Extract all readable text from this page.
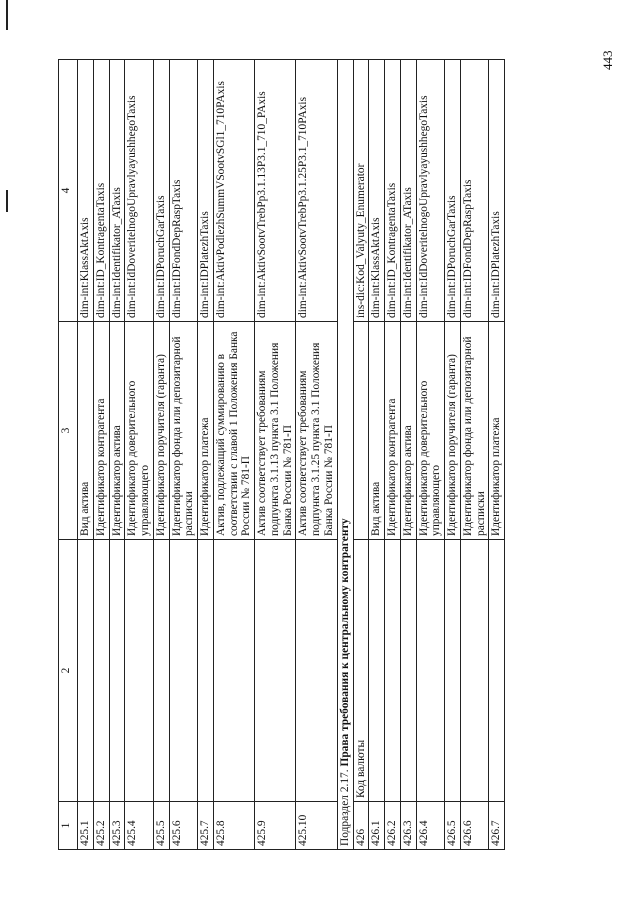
443
1	2	3	4
425.1		Вид актива	dim-int:KlassAktAxis
425.2		Идентификатор контрагента	dim-int:ID_KontragentaTaxis
425.3		Идентификатор актива	dim-int:Identifikator_ATaxis
425.4		Идентификатор доверительного управляющего	dim-int:IdDoveritelnogoUpravlyayushhegoTaxis
425.5		Идентификатор поручителя (гаранта)	dim-int:IDPoruchGarTaxis
425.6		Идентификатор фонда или депозитарной расписки	dim-int:IDFondDepRaspTaxis
425.7		Идентификатор платежа	dim-int:IDPlatezhTaxis
425.8		Актив, подлежащий суммированию в соответствии с главой 1 Положения Банка России № 781-П	dim-int:AktivPodlezhSummVSootvSGl1_710PAxis
425.9		Актив соответствует требованиям подпункта 3.1.13 пункта 3.1 Положения Банка России № 781-П	dim-int:AktivSootvTrebPp3.1.13P3.1_710_PAxis
425.10		Актив соответствует требованиям подпункта 3.1.25 пункта 3.1 Положения Банка России № 781-П	dim-int:AktivSootvTrebPp3.1.25P3.1_710PAxis
Подраздел 2.17. Права требования к центральному контрагенту			
426	Код валюты		ins-dic:Kod_Valyuty_Enumerator
426.1		Вид актива	dim-int:KlassAktAxis
426.2		Идентификатор контрагента	dim-int:ID_KontragentaTaxis
426.3		Идентификатор актива	dim-int:Identifikator_ATaxis
426.4		Идентификатор доверительного управляющего	dim-int:IdDoveritelnogoUpravlyayushhegoTaxis
426.5		Идентификатор поручителя (гаранта)	dim-int:IDPoruchGarTaxis
426.6		Идентификатор фонда или депозитарной расписки	dim-int:IDFondDepRaspTaxis
426.7		Идентификатор платежа	dim-int:IDPlatezhTaxis
